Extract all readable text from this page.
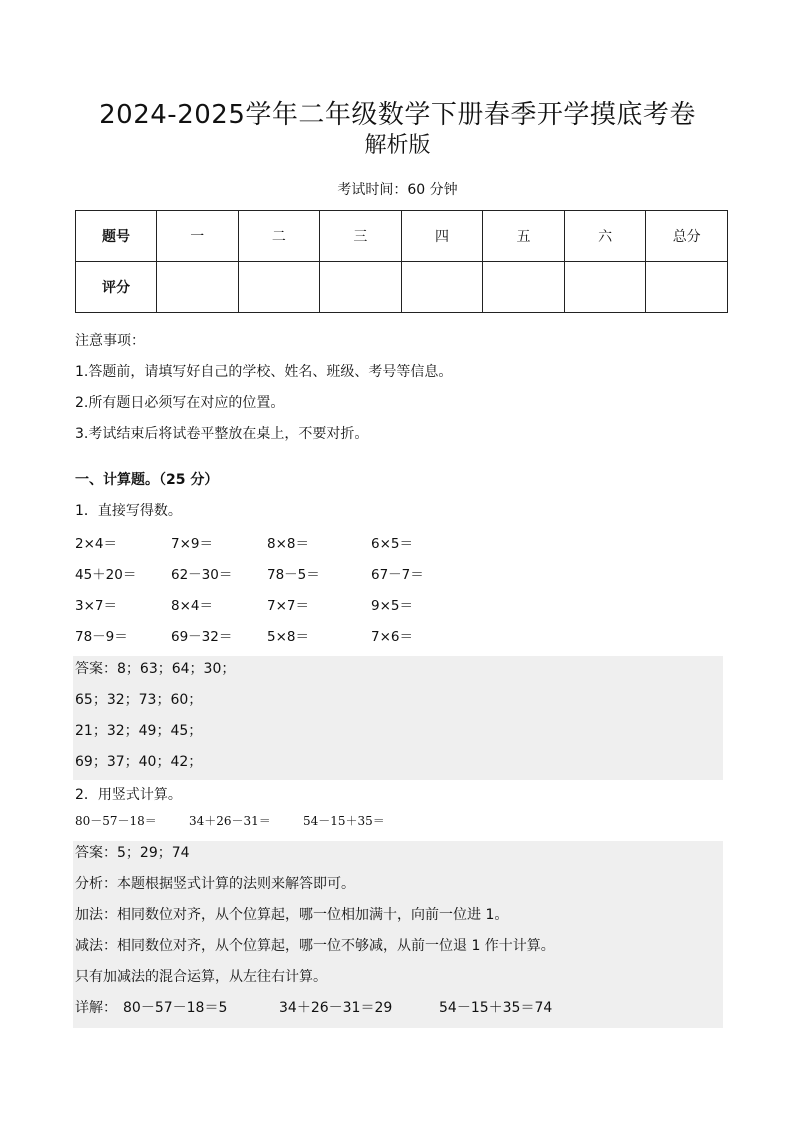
2024-2025学年二年级数学下册春季开学摸底考卷
解析版
考试时间：60 分钟
题号	一	二	三	四	五	六	总分
评分							
注意事项：
1.答题前，请填写好自己的学校、姓名、班级、考号等信息。
2.所有题日必须写在对应的位置。
3.考试结束后将试卷平整放在桌上，不要对折。
一、计算题。（25 分）
1．直接写得数。
2×4＝	7×9＝	8×8＝	6×5＝
45＋20＝	62－30＝	78－5＝	67－7＝
3×7＝	8×4＝	7×7＝	9×5＝
78－9＝	69－32＝	5×8＝	7×6＝
答案：8；63；64；30；
65；32；73；60；
21；32；49；45；
69；37；40；42；
2．用竖式计算。
80－57－18＝	34＋26－31＝	54－15＋35＝
答案：5；29；74
分析：本题根据竖式计算的法则来解答即可。
加法：相同数位对齐，从个位算起，哪一位相加满十，向前一位进 1。
减法：相同数位对齐，从个位算起，哪一位不够减，从前一位退 1 作十计算。
只有加减法的混合运算，从左往右计算。
详解： 80－57－18＝5	34＋26－31＝29	54－15＋35＝74
